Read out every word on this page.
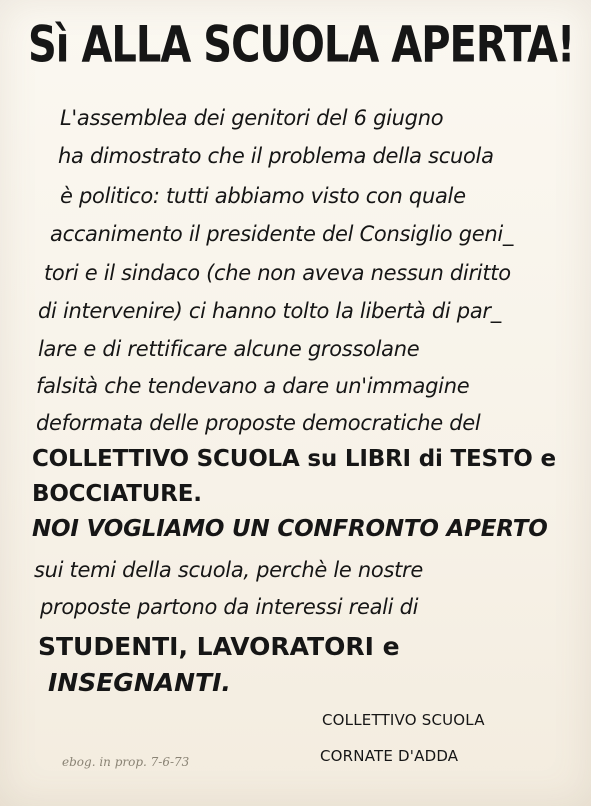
Sì ALLA SCUOLA APERTA!
L'assemblea dei genitori del 6 giugno
ha dimostrato che il problema della scuola
è politico: tutti abbiamo visto con quale
accanimento il presidente del Consiglio geni_
tori e il sindaco (che non aveva nessun diritto
di intervenire) ci hanno tolto la libertà di par_
lare e di rettificare alcune grossolane
falsità che tendevano a dare un'immagine
deformata delle proposte democratiche del
COLLETTIVO SCUOLA su LIBRI di TESTO e
BOCCIATURE.
NOI VOGLIAMO UN CONFRONTO APERTO
sui temi della scuola, perchè le nostre
proposte partono da interessi reali di
STUDENTI, LAVORATORI e
INSEGNANTI.
COLLETTIVO SCUOLA
CORNATE D'ADDA
ebog. in prop. 7-6-73
